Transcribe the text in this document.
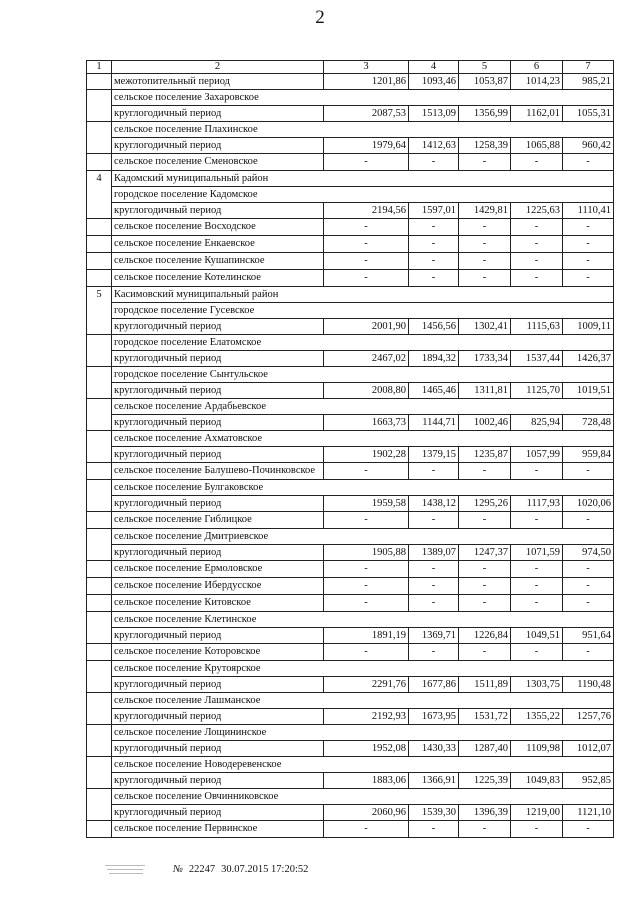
2
1	2	3	4	5	6	7
	межотопительный период	1201,86	1093,46	1053,87	1014,23	985,21
	сельское поселение Захаровское					
	круглогодичный период	2087,53	1513,09	1356,99	1162,01	1055,31
	сельское поселение Плахинское					
	круглогодичный период	1979,64	1412,63	1258,39	1065,88	960,42
	сельское поселение Сменовское	-	-	-	-	-
4	Кадомский муниципальный район					
	городское поселение Кадомское					
	круглогодичный период	2194,56	1597,01	1429,81	1225,63	1110,41
	сельское поселение Восходское	-	-	-	-	-
	сельское поселение Енкаевское	-	-	-	-	-
	сельское поселение Кушапинское	-	-	-	-	-
	сельское поселение Котелинское	-	-	-	-	-
5	Касимовский муниципальный район					
	городское поселение Гусевское					
	круглогодичный период	2001,90	1456,56	1302,41	1115,63	1009,11
	городское поселение Елатомское					
	круглогодичный период	2467,02	1894,32	1733,34	1537,44	1426,37
	городское поселение Сынтульское					
	круглогодичный период	2008,80	1465,46	1311,81	1125,70	1019,51
	сельское поселение Ардабьевское					
	круглогодичный период	1663,73	1144,71	1002,46	825,94	728,48
	сельское поселение Ахматовское					
	круглогодичный период	1902,28	1379,15	1235,87	1057,99	959,84
	сельское поселение Балушево-Починковское	-	-	-	-	-
	сельское поселение Булгаковское					
	круглогодичный период	1959,58	1438,12	1295,26	1117,93	1020,06
	сельское поселение Гиблицкое	-	-	-	-	-
	сельское поселение Дмитриевское					
	круглогодичный период	1905,88	1389,07	1247,37	1071,59	974,50
	сельское поселение Ермоловское	-	-	-	-	-
	сельское поселение Ибердусское	-	-	-	-	-
	сельское поселение Китовское	-	-	-	-	-
	сельское поселение Клетинское					
	круглогодичный период	1891,19	1369,71	1226,84	1049,51	951,64
	сельское поселение Которовское	-	-	-	-	-
	сельское поселение Крутоярское					
	круглогодичный период	2291,76	1677,86	1511,89	1303,75	1190,48
	сельское поселение Лашманское					
	круглогодичный период	2192,93	1673,95	1531,72	1355,22	1257,76
	сельское поселение Лощининское					
	круглогодичный период	1952,08	1430,33	1287,40	1109,98	1012,07
	сельское поселение Новодеревенское					
	круглогодичный период	1883,06	1366,91	1225,39	1049,83	952,85
	сельское поселение Овчинниковское					
	круглогодичный период	2060,96	1539,30	1396,39	1219,00	1121,10
	сельское поселение Первинское	-	-	-	-	-
№ 22247 30.07.2015 17:20:52
